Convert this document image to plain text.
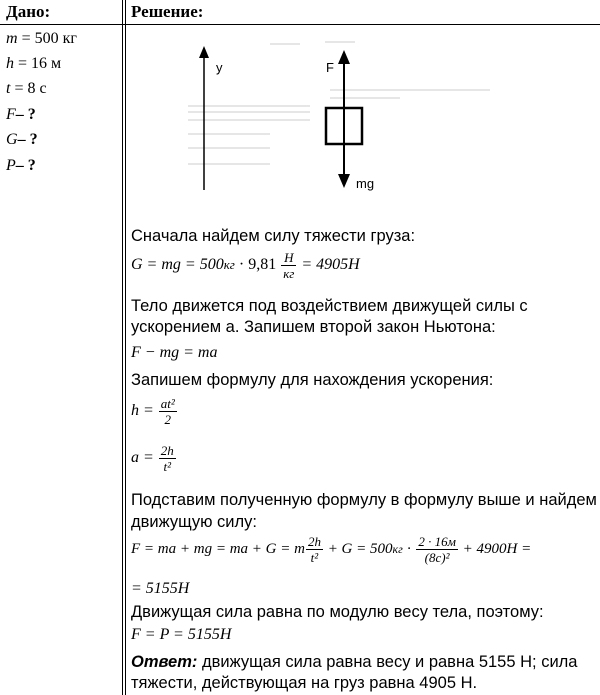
Дано:
m = 500 кг
h = 16 м
t = 8 с
F– ?
G– ?
P– ?
Решение:
y	F
mg
Сначала найдем силу тяжести груза:
G = mg = $500кг \cdot 9,81 \frac{H}{кг} = 4905H$
Тело движется под воздействием движущей силы с
ускорением a. Запишем второй закон Ньютона:
F − mg = ma
Запишем формулу для нахождения ускорения:
$h = \frac{\text{at²}}{2}$
$a = \frac{2h}{\text{t²}}$
Подставим полученную формулу в формулу выше и найдем
движущую силу:
F = ma + mg = ma + G = m $\frac{2h}{\text{t²}} + G = 500кг \cdot \frac{2 \cdot 16м}{\text{(8c)²}} + 4900H$ =
= 5155H
Движущая сила равна по модулю весу тела, поэтому:
F = P = 5155H
Ответ: движущая сила равна весу и равна 5155 Н; сила
тяжести, действующая на груз равна 4905 Н.
